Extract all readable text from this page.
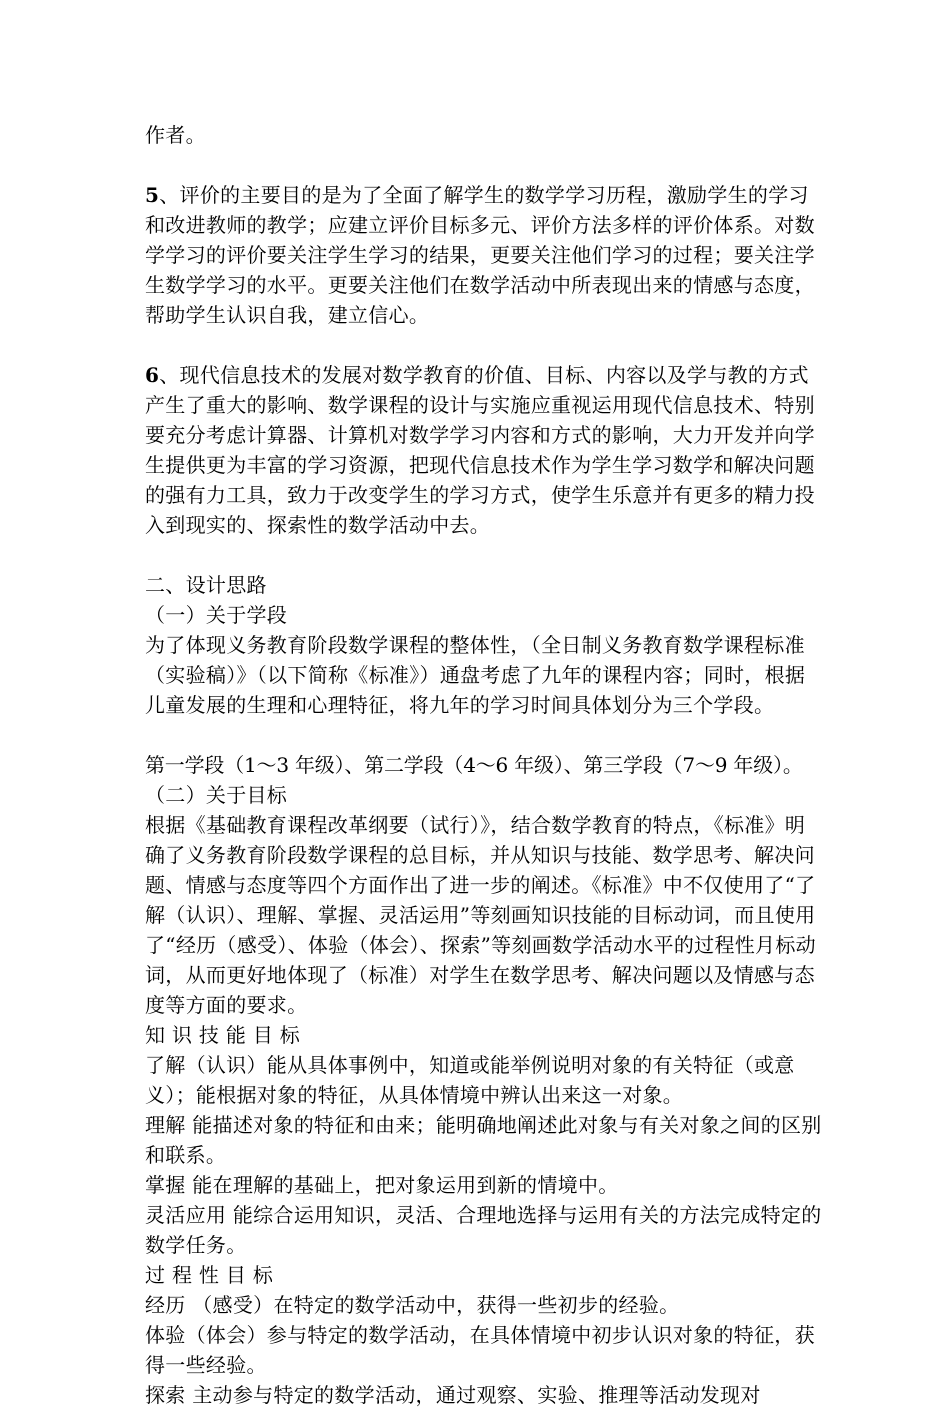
作者。

5、评价的主要目的是为了全面了解学生的数学学习历程，激励学生的学习和改进教师的教学；应建立评价目标多元、评价方法多样的评价体系。对数学学习的评价要关注学生学习的结果，更要关注他们学习的过程；要关注学生数学学习的水平。更要关注他们在数学活动中所表现出来的情感与态度，帮助学生认识自我，建立信心。

6、现代信息技术的发展对数学教育的价值、目标、内容以及学与教的方式产生了重大的影响、数学课程的设计与实施应重视运用现代信息技术、特别要充分考虑计算器、计算机对数学学习内容和方式的影响，大力开发并向学生提供更为丰富的学习资源，把现代信息技术作为学生学习数学和解决问题的强有力工具，致力于改变学生的学习方式，使学生乐意并有更多的精力投入到现实的、探索性的数学活动中去。

二、设计思路

（一）关于学段

为了体现义务教育阶段数学课程的整体性，（全日制义务教育数学课程标准（实验稿）》（以下简称《标准》）通盘考虑了九年的课程内容；同时，根据儿童发展的生理和心理特征，将九年的学习时间具体划分为三个学段。

第一学段（1～3 年级）、第二学段（4～6 年级）、第三学段（7～9 年级）。

（二）关于目标

根据《基础教育课程改革纲要（试行）》，结合数学教育的特点，《标准》明确了义务教育阶段数学课程的总目标，并从知识与技能、数学思考、解决问题、情感与态度等四个方面作出了进一步的阐述。《标准》中不仅使用了“了解（认识）、理解、掌握、灵活运用”等刻画知识技能的目标动词，而且使用了“经历（感受）、体验（体会）、探索”等刻画数学活动水平的过程性月标动词，从而更好地体现了（标准）对学生在数学思考、解决问题以及情感与态度等方面的要求。

知 识 技 能 目 标

了解（认识）能从具体事例中，知道或能举例说明对象的有关特征（或意义）；能根据对象的特征，从具体情境中辨认出来这一对象。

理解 能描述对象的特征和由来；能明确地阐述此对象与有关对象之间的区别和联系。

掌握 能在理解的基础上，把对象运用到新的情境中。

灵活应用 能综合运用知识，灵活、合理地选择与运用有关的方法完成特定的数学任务。

过 程 性 目 标

经历 （感受）在特定的数学活动中，获得一些初步的经验。

体验（体会）参与特定的数学活动，在具体情境中初步认识对象的特征，获得一些经验。

探索 主动参与特定的数学活动，通过观察、实验、推理等活动发现对
